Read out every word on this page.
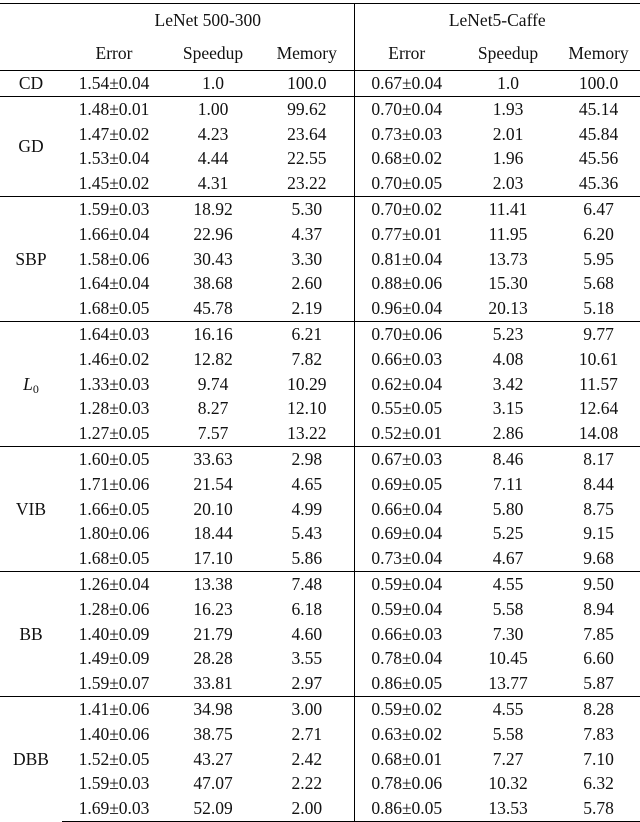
	LeNet 500-300			LeNet5-Caffe		
	Error	Speedup	Memory	Error	Speedup	Memory
CD	1.54±0.04	1.0	100.0	0.67±0.04	1.0	100.0
GD	1.48±0.01	1.00	99.62	0.70±0.04	1.93	45.14
	1.47±0.02	4.23	23.64	0.73±0.03	2.01	45.84
	1.53±0.04	4.44	22.55	0.68±0.02	1.96	45.56
	1.45±0.02	4.31	23.22	0.70±0.05	2.03	45.36
SBP	1.59±0.03	18.92	5.30	0.70±0.02	11.41	6.47
	1.66±0.04	22.96	4.37	0.77±0.01	11.95	6.20
	1.58±0.06	30.43	3.30	0.81±0.04	13.73	5.95
	1.64±0.04	38.68	2.60	0.88±0.06	15.30	5.68
	1.68±0.05	45.78	2.19	0.96±0.04	20.13	5.18
$L_0$	1.64±0.03	16.16	6.21	0.70±0.06	5.23	9.77
	1.46±0.02	12.82	7.82	0.66±0.03	4.08	10.61
	1.33±0.03	9.74	10.29	0.62±0.04	3.42	11.57
	1.28±0.03	8.27	12.10	0.55±0.05	3.15	12.64
	1.27±0.05	7.57	13.22	0.52±0.01	2.86	14.08
VIB	1.60±0.05	33.63	2.98	0.67±0.03	8.46	8.17
	1.71±0.06	21.54	4.65	0.69±0.05	7.11	8.44
	1.66±0.05	20.10	4.99	0.66±0.04	5.80	8.75
	1.80±0.06	18.44	5.43	0.69±0.04	5.25	9.15
	1.68±0.05	17.10	5.86	0.73±0.04	4.67	9.68
BB	1.26±0.04	13.38	7.48	0.59±0.04	4.55	9.50
	1.28±0.06	16.23	6.18	0.59±0.04	5.58	8.94
	1.40±0.09	21.79	4.60	0.66±0.03	7.30	7.85
	1.49±0.09	28.28	3.55	0.78±0.04	10.45	6.60
	1.59±0.07	33.81	2.97	0.86±0.05	13.77	5.87
DBB	1.41±0.06	34.98	3.00	0.59±0.02	4.55	8.28
	1.40±0.06	38.75	2.71	0.63±0.02	5.58	7.83
	1.52±0.05	43.27	2.42	0.68±0.01	7.27	7.10
	1.59±0.03	47.07	2.22	0.78±0.06	10.32	6.32
	1.69±0.03	52.09	2.00	0.86±0.05	13.53	5.78
